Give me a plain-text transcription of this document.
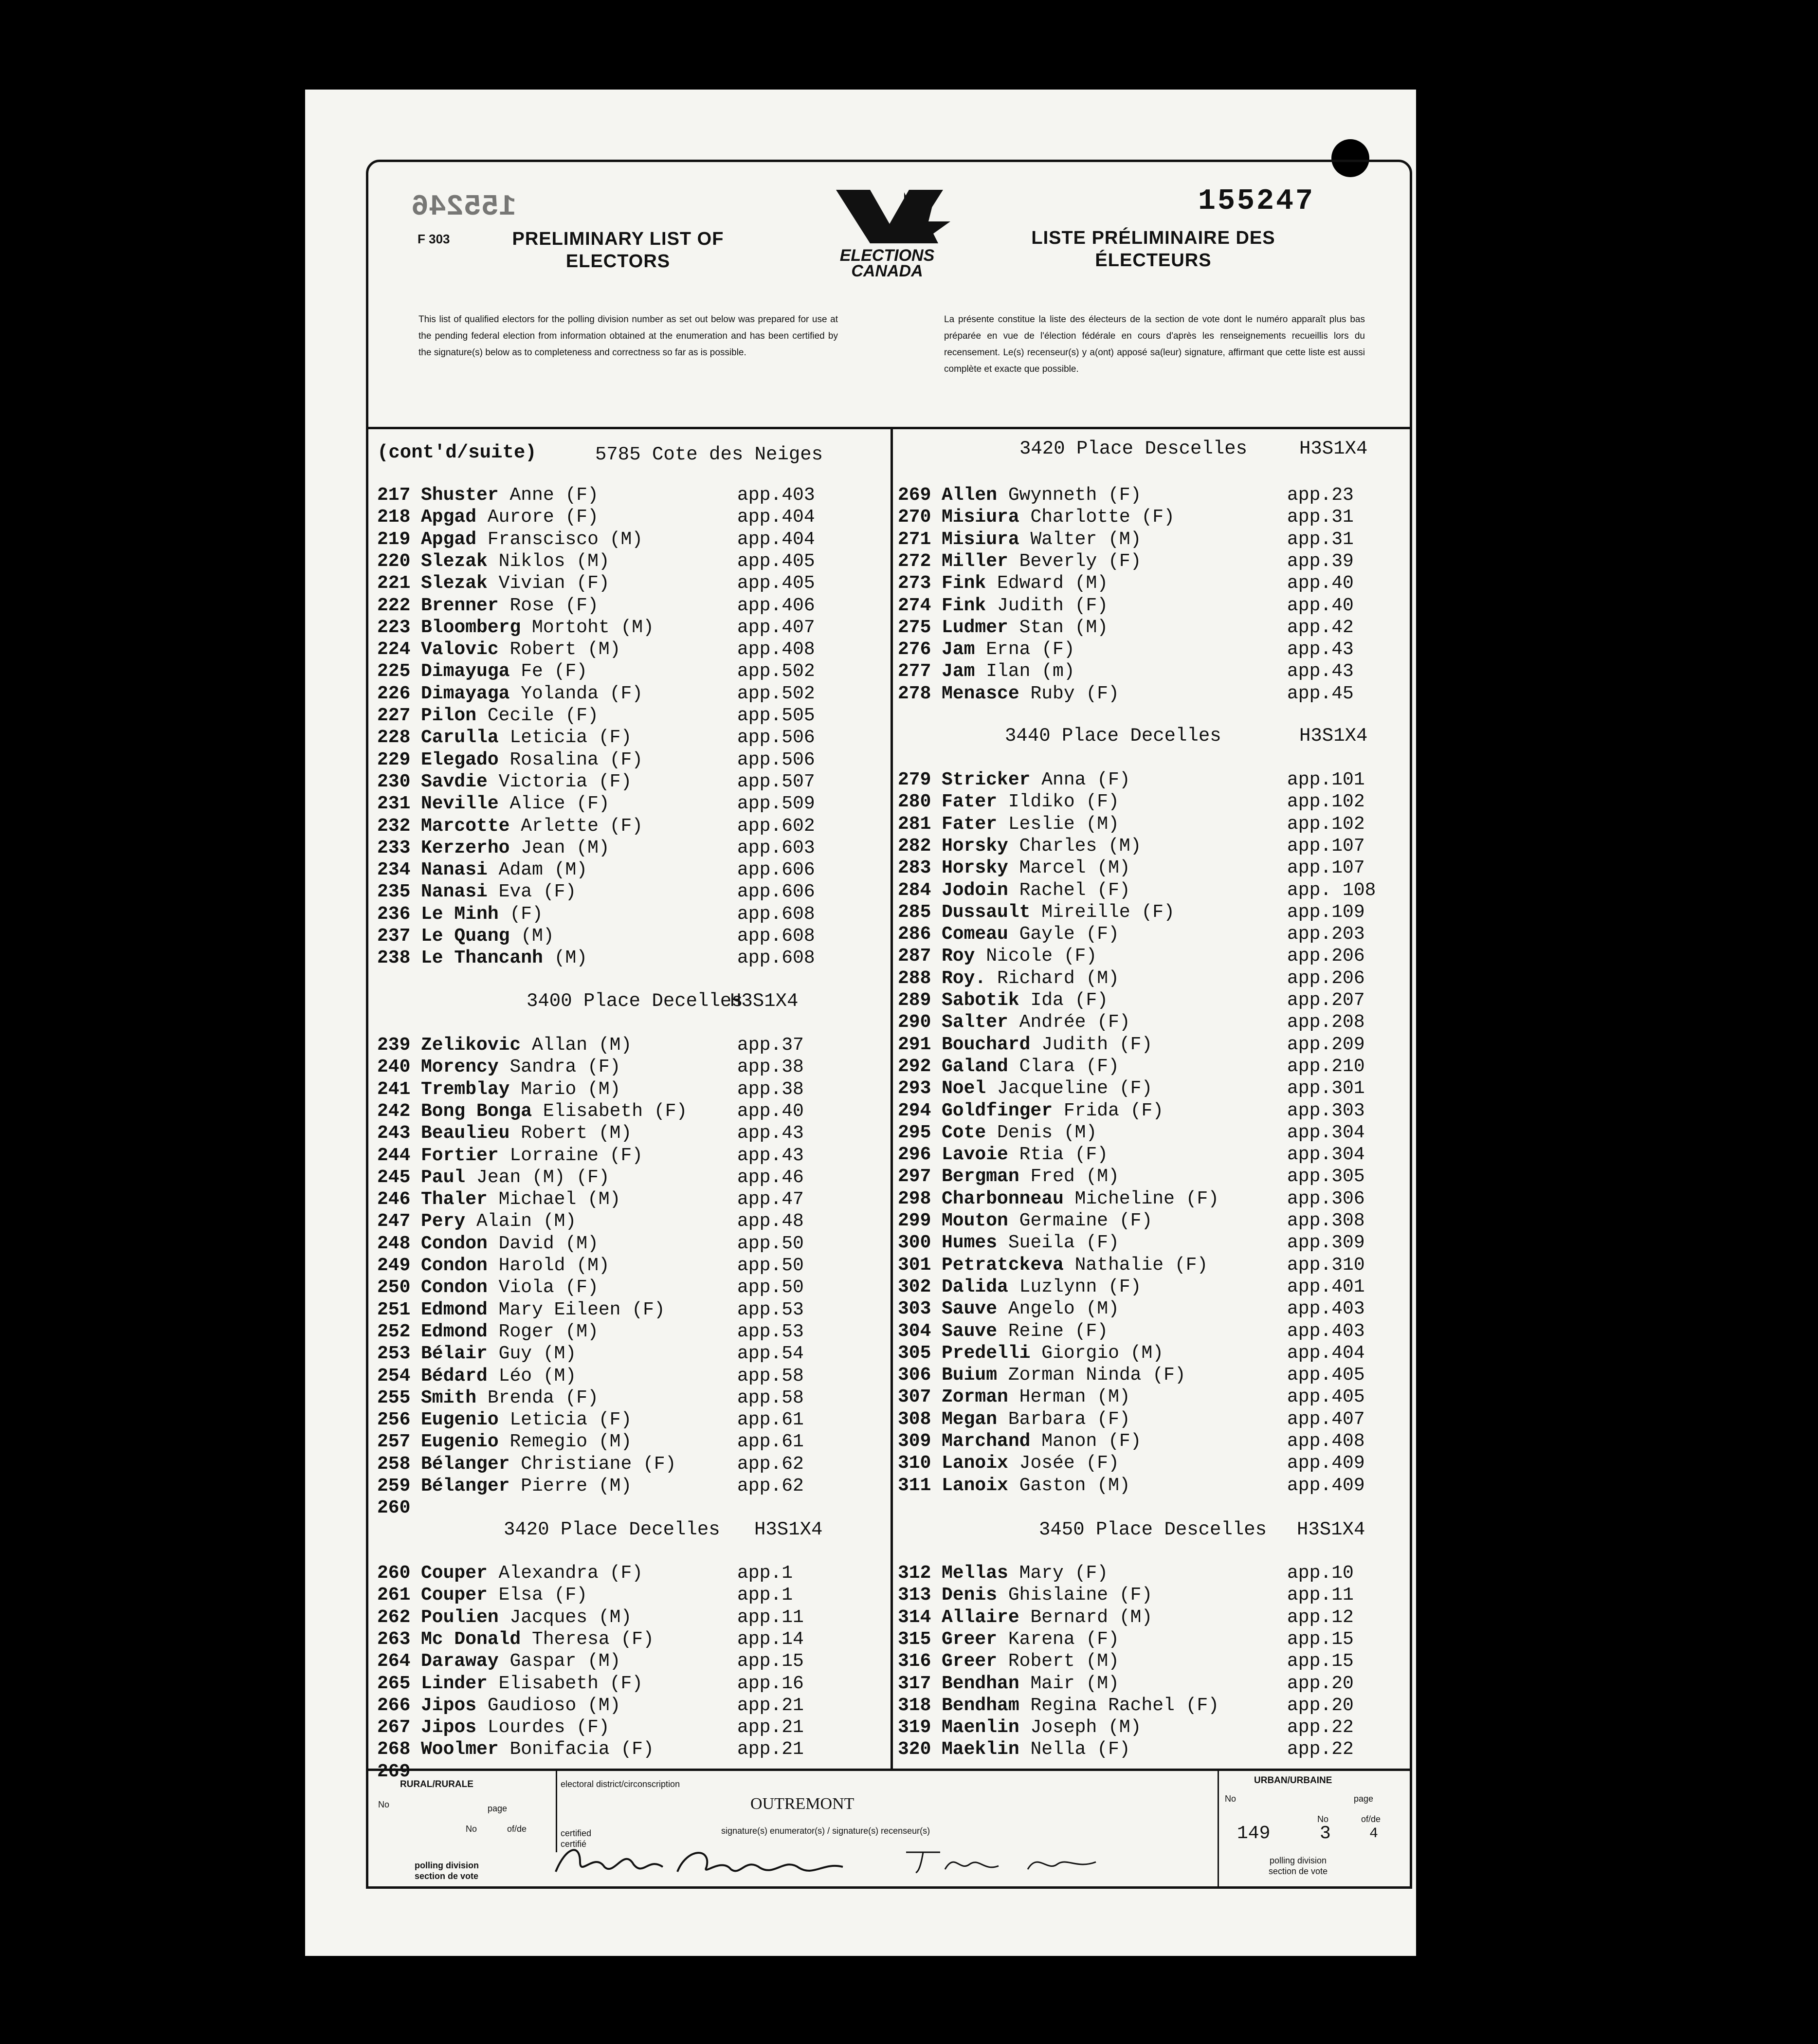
155246
F 303	PRELIMINARY LIST OF
ELECTORS	ELECTIONS
CANADA
155247
LISTE PRÉLIMINAIRE DES
ÉLECTEURS
This list of qualified electors for the polling division number as set out below was prepared for use at the pending federal election from information obtained at the enumeration and has been certified by the signature(s) below as to completeness and correctness so far as is possible.
La présente constitue la liste des électeurs de la section de vote dont le numéro apparaît plus bas préparée en vue de l'élection fédérale en cours d'après les renseignements recueillis lors du recensement. Le(s) recenseur(s) y a(ont) apposé sa(leur) signature, affirmant que cette liste est aussi complète et exacte que possible.
(cont'd/suite)	5785 Cote des Neiges
217 Shuster Anne (F)	app.403
218 Apgad Aurore (F)	app.404
219 Apgad Franscisco (M)	app.404
220 Slezak Niklos (M)	app.405
221 Slezak Vivian (F)	app.405
222 Brenner Rose (F)	app.406
223 Bloomberg Mortoht (M)	app.407
224 Valovic Robert (M)	app.408
225 Dimayuga Fe (F)	app.502
226 Dimayaga Yolanda (F)	app.502
227 Pilon Cecile (F)	app.505
228 Carulla Leticia (F)	app.506
229 Elegado Rosalina (F)	app.506
230 Savdie Victoria (F)	app.507
231 Neville Alice (F)	app.509
232 Marcotte Arlette (F)	app.602
233 Kerzerho Jean (M)	app.603
234 Nanasi Adam (M)	app.606
235 Nanasi Eva (F)	app.606
236 Le Minh (F)	app.608
237 Le Quang (M)	app.608
238 Le Thancanh (M)	app.608
3400 Place Decelles
H3S1X4
239 Zelikovic Allan (M)	app.37
240 Morency Sandra (F)	app.38
241 Tremblay Mario (M)	app.38
242 Bong Bonga Elisabeth (F)	app.40
243 Beaulieu Robert (M)	app.43
244 Fortier Lorraine (F)	app.43
245 Paul Jean (M) (F)	app.46
246 Thaler Michael (M)	app.47
247 Pery Alain (M)	app.48
248 Condon David (M)	app.50
249 Condon Harold (M)	app.50
250 Condon Viola (F)	app.50
251 Edmond Mary Eileen (F)	app.53
252 Edmond Roger (M)	app.53
253 Bélair Guy (M)	app.54
254 Bédard Léo (M)	app.58
255 Smith Brenda (F)	app.58
256 Eugenio Leticia (F)	app.61
257 Eugenio Remegio (M)	app.61
258 Bélanger Christiane (F)	app.62
259 Bélanger Pierre (M)	app.62
260
3420 Place Decelles H3S1X4
260 Couper Alexandra (F)	app.1
261 Couper Elsa (F)	app.1
262 Poulien Jacques (M)	app.11
263 Mc Donald Theresa (F)	app.14
264 Daraway Gaspar (M)	app.15
265 Linder Elisabeth (F)	app.16
266 Jipos Gaudioso (M)	app.21
267 Jipos Lourdes (F)	app.21
268 Woolmer Bonifacia (F)	app.21
269
3420 Place Descelles	H3S1X4
269 Allen Gwynneth (F)	app.23
270 Misiura Charlotte (F)	app.31
271 Misiura Walter (M)	app.31
272 Miller Beverly (F)	app.39
273 Fink Edward (M)	app.40
274 Fink Judith (F)	app.40
275 Ludmer Stan (M)	app.42
276 Jam Erna (F)	app.43
277 Jam Ilan (m)	app.43
278 Menasce Ruby (F)	app.45
3440 Place Decelles	H3S1X4
279 Stricker Anna (F)	app.101
280 Fater Ildiko (F)	app.102
281 Fater Leslie (M)	app.102
282 Horsky Charles (M)	app.107
283 Horsky Marcel (M)	app.107
284 Jodoin Rachel (F)	app. 108
285 Dussault Mireille (F)	app.109
286 Comeau Gayle (F)	app.203
287 Roy Nicole (F)	app.206
288 Roy. Richard (M)	app.206
289 Sabotik Ida (F)	app.207
290 Salter Andrée (F)	app.208
291 Bouchard Judith (F)	app.209
292 Galand Clara (F)	app.210
293 Noel Jacqueline (F)	app.301
294 Goldfinger Frida (F)	app.303
295 Cote Denis (M)	app.304
296 Lavoie Rtia (F)	app.304
297 Bergman Fred (M)	app.305
298 Charbonneau Micheline (F)	app.306
299 Mouton Germaine (F)	app.308
300 Humes Sueila (F)	app.309
301 Petratckeva Nathalie (F)	app.310
302 Dalida Luzlynn (F)	app.401
303 Sauve Angelo (M)	app.403
304 Sauve Reine (F)	app.403
305 Predelli Giorgio (M)	app.404
306 Buium Zorman Ninda (F)	app.405
307 Zorman Herman (M)	app.405
308 Megan Barbara (F)	app.407
309 Marchand Manon (F)	app.408
310 Lanoix Josée (F)	app.409
311 Lanoix Gaston (M)	app.409
3450 Place Descelles H3S1X4
312 Mellas Mary (F)	app.10
313 Denis Ghislaine (F)	app.11
314 Allaire Bernard (M)	app.12
315 Greer Karena (F)	app.15
316 Greer Robert (M)	app.15
317 Bendhan Mair (M)	app.20
318 Bendham Regina Rachel (F)	app.20
319 Maenlin Joseph (M)	app.22
320 Maeklin Nella (F)	app.22
RURAL/RURALE
No	page
No	of/de
polling division
section de vote
electoral district/circonscription
OUTREMONT
certified
certifié
signature(s) enumerator(s) / signature(s) recenseur(s)
URBAN/URBAINE
No	page
149
No
3
of/de
4
polling division
section de vote
